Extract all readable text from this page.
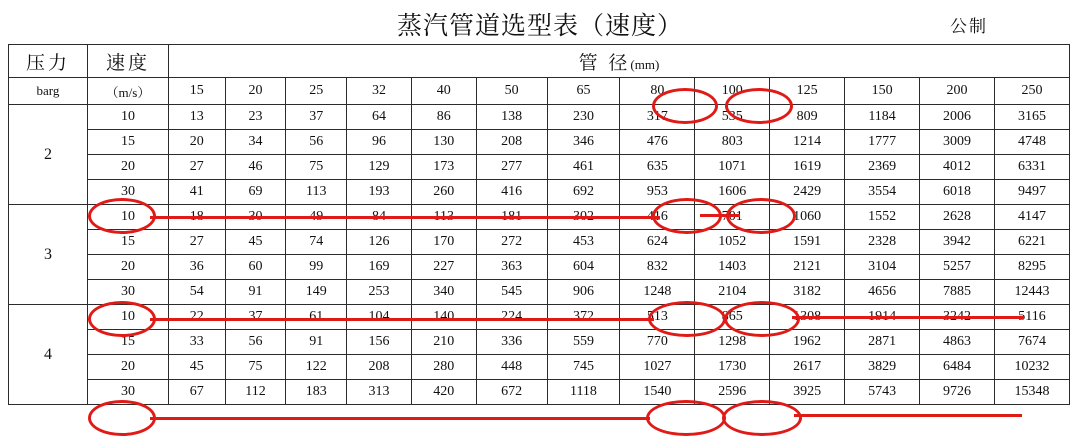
蒸汽管道选型表（速度）	公制
压力	速度	管 径(mm)												
barg	（m/s）	15	20	25	32	40	50	65	80	100	125	150	200	250
2	10	13	23	37	64	86	138	230	317	535	809	1184	2006	3165
	15	20	34	56	96	130	208	346	476	803	1214	1777	3009	4748
	20	27	46	75	129	173	277	461	635	1071	1619	2369	4012	6331
	30	41	69	113	193	260	416	692	953	1606	2429	3554	6018	9497
3	10	18	30	49	84	113	181	302	416	701	1060	1552	2628	4147
	15	27	45	74	126	170	272	453	624	1052	1591	2328	3942	6221
	20	36	60	99	169	227	363	604	832	1403	2121	3104	5257	8295
	30	54	91	149	253	340	545	906	1248	2104	3182	4656	7885	12443
4	10	22	37	61	104	140	224	372	513	865	1308	1914	3242	5116
	15	33	56	91	156	210	336	559	770	1298	1962	2871	4863	7674
	20	45	75	122	208	280	448	745	1027	1730	2617	3829	6484	10232
	30	67	112	183	313	420	672	1118	1540	2596	3925	5743	9726	15348
